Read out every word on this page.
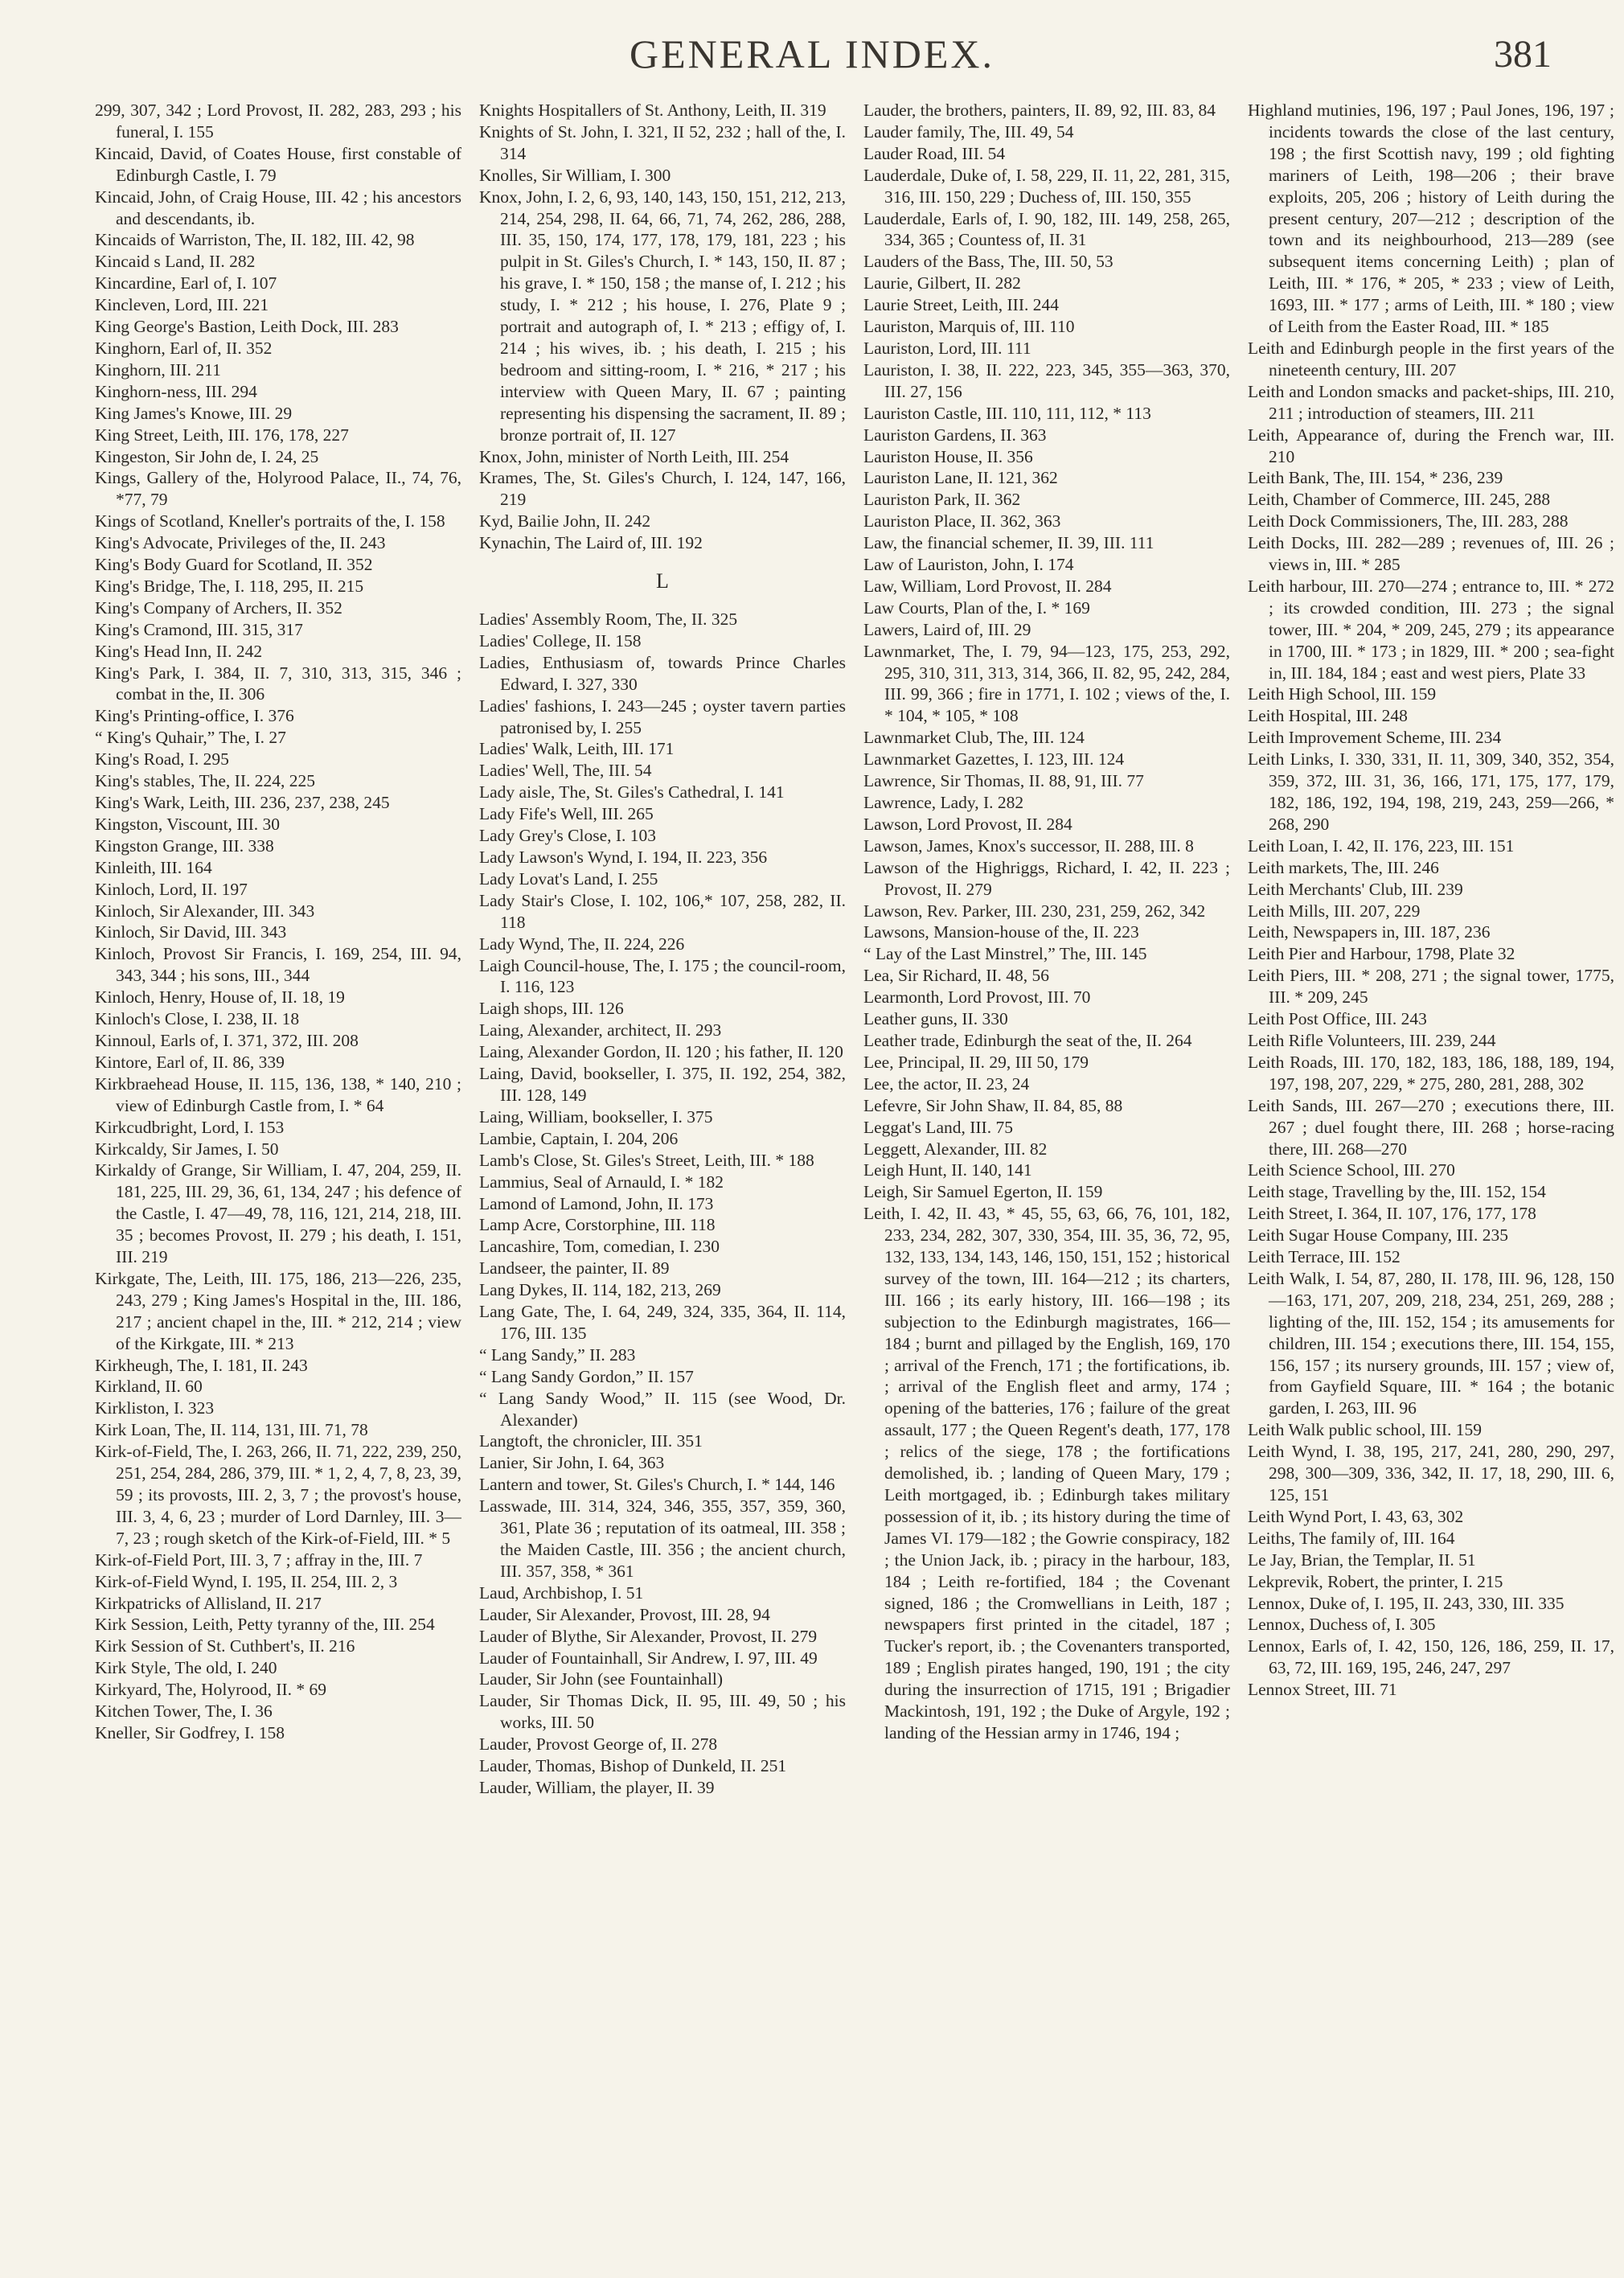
GENERAL INDEX.	381

299, 307, 342 ; Lord Provost, II. 282, 283, 293 ; his funeral, I. 155

Kincaid, David, of Coates House, first constable of Edinburgh Castle, I. 79

Kincaid, John, of Craig House, III. 42 ; his ancestors and descendants, ib.

Kincaids of Warriston, The, II. 182, III. 42, 98

Kincaid s Land, II. 282

Kincardine, Earl of, I. 107

Kincleven, Lord, III. 221

King George's Bastion, Leith Dock, III. 283

Kinghorn, Earl of, II. 352

Kinghorn, III. 211

Kinghorn-ness, III. 294

King James's Knowe, III. 29

King Street, Leith, III. 176, 178, 227

Kingeston, Sir John de, I. 24, 25

Kings, Gallery of the, Holyrood Palace, II., 74, 76, *77, 79

Kings of Scotland, Kneller's portraits of the, I. 158

King's Advocate, Privileges of the, II. 243

King's Body Guard for Scotland, II. 352

King's Bridge, The, I. 118, 295, II. 215

King's Company of Archers, II. 352

King's Cramond, III. 315, 317

King's Head Inn, II. 242

King's Park, I. 384, II. 7, 310, 313, 315, 346 ; combat in the, II. 306

King's Printing-office, I. 376

“ King's Quhair,” The, I. 27

King's Road, I. 295

King's stables, The, II. 224, 225

King's Wark, Leith, III. 236, 237, 238, 245

Kingston, Viscount, III. 30

Kingston Grange, III. 338

Kinleith, III. 164

Kinloch, Lord, II. 197

Kinloch, Sir Alexander, III. 343

Kinloch, Sir David, III. 343

Kinloch, Provost Sir Francis, I. 169, 254, III. 94, 343, 344 ; his sons, III., 344

Kinloch, Henry, House of, II. 18, 19

Kinloch's Close, I. 238, II. 18

Kinnoul, Earls of, I. 371, 372, III. 208

Kintore, Earl of, II. 86, 339

Kirkbraehead House, II. 115, 136, 138, * 140, 210 ; view of Edinburgh Castle from, I. * 64

Kirkcudbright, Lord, I. 153

Kirkcaldy, Sir James, I. 50

Kirkaldy of Grange, Sir William, I. 47, 204, 259, II. 181, 225, III. 29, 36, 61, 134, 247 ; his defence of the Castle, I. 47—49, 78, 116, 121, 214, 218, III. 35 ; becomes Provost, II. 279 ; his death, I. 151, III. 219

Kirkgate, The, Leith, III. 175, 186, 213—226, 235, 243, 279 ; King James's Hospital in the, III. 186, 217 ; ancient chapel in the, III. * 212, 214 ; view of the Kirkgate, III. * 213

Kirkheugh, The, I. 181, II. 243

Kirkland, II. 60

Kirkliston, I. 323

Kirk Loan, The, II. 114, 131, III. 71, 78

Kirk-of-Field, The, I. 263, 266, II. 71, 222, 239, 250, 251, 254, 284, 286, 379, III. * 1, 2, 4, 7, 8, 23, 39, 59 ; its provosts, III. 2, 3, 7 ; the provost's house, III. 3, 4, 6, 23 ; murder of Lord Darnley, III. 3—7, 23 ; rough sketch of the Kirk-of-Field, III. * 5

Kirk-of-Field Port, III. 3, 7 ; affray in the, III. 7

Kirk-of-Field Wynd, I. 195, II. 254, III. 2, 3

Kirkpatricks of Allisland, II. 217

Kirk Session, Leith, Petty tyranny of the, III. 254

Kirk Session of St. Cuthbert's, II. 216

Kirk Style, The old, I. 240

Kirkyard, The, Holyrood, II. * 69

Kitchen Tower, The, I. 36

Kneller, Sir Godfrey, I. 158

Knights Hospitallers of St. Anthony, Leith, II. 319

Knights of St. John, I. 321, II 52, 232 ; hall of the, I. 314

Knolles, Sir William, I. 300

Knox, John, I. 2, 6, 93, 140, 143, 150, 151, 212, 213, 214, 254, 298, II. 64, 66, 71, 74, 262, 286, 288, III. 35, 150, 174, 177, 178, 179, 181, 223 ; his pulpit in St. Giles's Church, I. * 143, 150, II. 87 ; his grave, I. * 150, 158 ; the manse of, I. 212 ; his study, I. * 212 ; his house, I. 276, Plate 9 ; portrait and autograph of, I. * 213 ; effigy of, I. 214 ; his wives, ib. ; his death, I. 215 ; his bedroom and sitting-room, I. * 216, * 217 ; his interview with Queen Mary, II. 67 ; painting representing his dispensing the sacrament, II. 89 ; bronze portrait of, II. 127

Knox, John, minister of North Leith, III. 254

Krames, The, St. Giles's Church, I. 124, 147, 166, 219

Kyd, Bailie John, II. 242

Kynachin, The Laird of, III. 192

L

Ladies' Assembly Room, The, II. 325

Ladies' College, II. 158

Ladies, Enthusiasm of, towards Prince Charles Edward, I. 327, 330

Ladies' fashions, I. 243—245 ; oyster tavern parties patronised by, I. 255

Ladies' Walk, Leith, III. 171

Ladies' Well, The, III. 54

Lady aisle, The, St. Giles's Cathedral, I. 141

Lady Fife's Well, III. 265

Lady Grey's Close, I. 103

Lady Lawson's Wynd, I. 194, II. 223, 356

Lady Lovat's Land, I. 255

Lady Stair's Close, I. 102, 106,* 107, 258, 282, II. 118

Lady Wynd, The, II. 224, 226

Laigh Council-house, The, I. 175 ; the council-room, I. 116, 123

Laigh shops, III. 126

Laing, Alexander, architect, II. 293

Laing, Alexander Gordon, II. 120 ; his father, II. 120

Laing, David, bookseller, I. 375, II. 192, 254, 382, III. 128, 149

Laing, William, bookseller, I. 375

Lambie, Captain, I. 204, 206

Lamb's Close, St. Giles's Street, Leith, III. * 188

Lammius, Seal of Arnauld, I. * 182

Lamond of Lamond, John, II. 173

Lamp Acre, Corstorphine, III. 118

Lancashire, Tom, comedian, I. 230

Landseer, the painter, II. 89

Lang Dykes, II. 114, 182, 213, 269

Lang Gate, The, I. 64, 249, 324, 335, 364, II. 114, 176, III. 135

“ Lang Sandy,” II. 283

“ Lang Sandy Gordon,” II. 157

“ Lang Sandy Wood,” II. 115 (see Wood, Dr. Alexander)

Langtoft, the chronicler, III. 351

Lanier, Sir John, I. 64, 363

Lantern and tower, St. Giles's Church, I. * 144, 146

Lasswade, III. 314, 324, 346, 355, 357, 359, 360, 361, Plate 36 ; reputation of its oatmeal, III. 358 ; the Maiden Castle, III. 356 ; the ancient church, III. 357, 358, * 361

Laud, Archbishop, I. 51

Lauder, Sir Alexander, Provost, III. 28, 94

Lauder of Blythe, Sir Alexander, Provost, II. 279

Lauder of Fountainhall, Sir Andrew, I. 97, III. 49

Lauder, Sir John (see Fountainhall)

Lauder, Sir Thomas Dick, II. 95, III. 49, 50 ; his works, III. 50

Lauder, Provost George of, II. 278

Lauder, Thomas, Bishop of Dunkeld, II. 251

Lauder, William, the player, II. 39

Lauder, the brothers, painters, II. 89, 92, III. 83, 84

Lauder family, The, III. 49, 54

Lauder Road, III. 54

Lauderdale, Duke of, I. 58, 229, II. 11, 22, 281, 315, 316, III. 150, 229 ; Duchess of, III. 150, 355

Lauderdale, Earls of, I. 90, 182, III. 149, 258, 265, 334, 365 ; Countess of, II. 31

Lauders of the Bass, The, III. 50, 53

Laurie, Gilbert, II. 282

Laurie Street, Leith, III. 244

Lauriston, Marquis of, III. 110

Lauriston, Lord, III. 111

Lauriston, I. 38, II. 222, 223, 345, 355—363, 370, III. 27, 156

Lauriston Castle, III. 110, 111, 112, * 113

Lauriston Gardens, II. 363

Lauriston House, II. 356

Lauriston Lane, II. 121, 362

Lauriston Park, II. 362

Lauriston Place, II. 362, 363

Law, the financial schemer, II. 39, III. 111

Law of Lauriston, John, I. 174

Law, William, Lord Provost, II. 284

Law Courts, Plan of the, I. * 169

Lawers, Laird of, III. 29

Lawnmarket, The, I. 79, 94—123, 175, 253, 292, 295, 310, 311, 313, 314, 366, II. 82, 95, 242, 284, III. 99, 366 ; fire in 1771, I. 102 ; views of the, I. * 104, * 105, * 108

Lawnmarket Club, The, III. 124

Lawnmarket Gazettes, I. 123, III. 124

Lawrence, Sir Thomas, II. 88, 91, III. 77

Lawrence, Lady, I. 282

Lawson, Lord Provost, II. 284

Lawson, James, Knox's successor, II. 288, III. 8

Lawson of the Highriggs, Richard, I. 42, II. 223 ; Provost, II. 279

Lawson, Rev. Parker, III. 230, 231, 259, 262, 342

Lawsons, Mansion-house of the, II. 223

“ Lay of the Last Minstrel,” The, III. 145

Lea, Sir Richard, II. 48, 56

Learmonth, Lord Provost, III. 70

Leather guns, II. 330

Leather trade, Edinburgh the seat of the, II. 264

Lee, Principal, II. 29, III 50, 179

Lee, the actor, II. 23, 24

Lefevre, Sir John Shaw, II. 84, 85, 88

Leggat's Land, III. 75

Leggett, Alexander, III. 82

Leigh Hunt, II. 140, 141

Leigh, Sir Samuel Egerton, II. 159

Leith, I. 42, II. 43, * 45, 55, 63, 66, 76, 101, 182, 233, 234, 282, 307, 330, 354, III. 35, 36, 72, 95, 132, 133, 134, 143, 146, 150, 151, 152 ; historical survey of the town, III. 164—212 ; its charters, III. 166 ; its early history, III. 166—198 ; its subjection to the Edinburgh magistrates, 166—184 ; burnt and pillaged by the English, 169, 170 ; arrival of the French, 171 ; the fortifications, ib. ; arrival of the English fleet and army, 174 ; opening of the batteries, 176 ; failure of the great assault, 177 ; the Queen Regent's death, 177, 178 ; relics of the siege, 178 ; the fortifications demolished, ib. ; landing of Queen Mary, 179 ; Leith mortgaged, ib. ; Edinburgh takes military possession of it, ib. ; its history during the time of James VI. 179—182 ; the Gowrie conspiracy, 182 ; the Union Jack, ib. ; piracy in the harbour, 183, 184 ; Leith re-fortified, 184 ; the Covenant signed, 186 ; the Cromwellians in Leith, 187 ; newspapers first printed in the citadel, 187 ; Tucker's report, ib. ; the Covenanters transported, 189 ; English pirates hanged, 190, 191 ; the city during the insurrection of 1715, 191 ; Brigadier Mackintosh, 191, 192 ; the Duke of Argyle, 192 ; landing of the Hessian army in 1746, 194 ;

Highland mutinies, 196, 197 ; Paul Jones, 196, 197 ; incidents towards the close of the last century, 198 ; the first Scottish navy, 199 ; old fighting mariners of Leith, 198—206 ; their brave exploits, 205, 206 ; history of Leith during the present century, 207—212 ; description of the town and its neighbourhood, 213—289 (see subsequent items concerning Leith) ; plan of Leith, III. * 176, * 205, * 233 ; view of Leith, 1693, III. * 177 ; arms of Leith, III. * 180 ; view of Leith from the Easter Road, III. * 185

Leith and Edinburgh people in the first years of the nineteenth century, III. 207

Leith and London smacks and packet-ships, III. 210, 211 ; introduction of steamers, III. 211

Leith, Appearance of, during the French war, III. 210

Leith Bank, The, III. 154, * 236, 239

Leith, Chamber of Commerce, III. 245, 288

Leith Dock Commissioners, The, III. 283, 288

Leith Docks, III. 282—289 ; revenues of, III. 26 ; views in, III. * 285

Leith harbour, III. 270—274 ; entrance to, III. * 272 ; its crowded condition, III. 273 ; the signal tower, III. * 204, * 209, 245, 279 ; its appearance in 1700, III. * 173 ; in 1829, III. * 200 ; sea-fight in, III. 184, 184 ; east and west piers, Plate 33

Leith High School, III. 159

Leith Hospital, III. 248

Leith Improvement Scheme, III. 234

Leith Links, I. 330, 331, II. 11, 309, 340, 352, 354, 359, 372, III. 31, 36, 166, 171, 175, 177, 179, 182, 186, 192, 194, 198, 219, 243, 259—266, * 268, 290

Leith Loan, I. 42, II. 176, 223, III. 151

Leith markets, The, III. 246

Leith Merchants' Club, III. 239

Leith Mills, III. 207, 229

Leith, Newspapers in, III. 187, 236

Leith Pier and Harbour, 1798, Plate 32

Leith Piers, III. * 208, 271 ; the signal tower, 1775, III. * 209, 245

Leith Post Office, III. 243

Leith Rifle Volunteers, III. 239, 244

Leith Roads, III. 170, 182, 183, 186, 188, 189, 194, 197, 198, 207, 229, * 275, 280, 281, 288, 302

Leith Sands, III. 267—270 ; executions there, III. 267 ; duel fought there, III. 268 ; horse-racing there, III. 268—270

Leith Science School, III. 270

Leith stage, Travelling by the, III. 152, 154

Leith Street, I. 364, II. 107, 176, 177, 178

Leith Sugar House Company, III. 235

Leith Terrace, III. 152

Leith Walk, I. 54, 87, 280, II. 178, III. 96, 128, 150—163, 171, 207, 209, 218, 234, 251, 269, 288 ; lighting of the, III. 152, 154 ; its amusements for children, III. 154 ; executions there, III. 154, 155, 156, 157 ; its nursery grounds, III. 157 ; view of, from Gayfield Square, III. * 164 ; the botanic garden, I. 263, III. 96

Leith Walk public school, III. 159

Leith Wynd, I. 38, 195, 217, 241, 280, 290, 297, 298, 300—309, 336, 342, II. 17, 18, 290, III. 6, 125, 151

Leith Wynd Port, I. 43, 63, 302

Leiths, The family of, III. 164

Le Jay, Brian, the Templar, II. 51

Lekprevik, Robert, the printer, I. 215

Lennox, Duke of, I. 195, II. 243, 330, III. 335

Lennox, Duchess of, I. 305

Lennox, Earls of, I. 42, 150, 126, 186, 259, II. 17, 63, 72, III. 169, 195, 246, 247, 297

Lennox Street, III. 71
